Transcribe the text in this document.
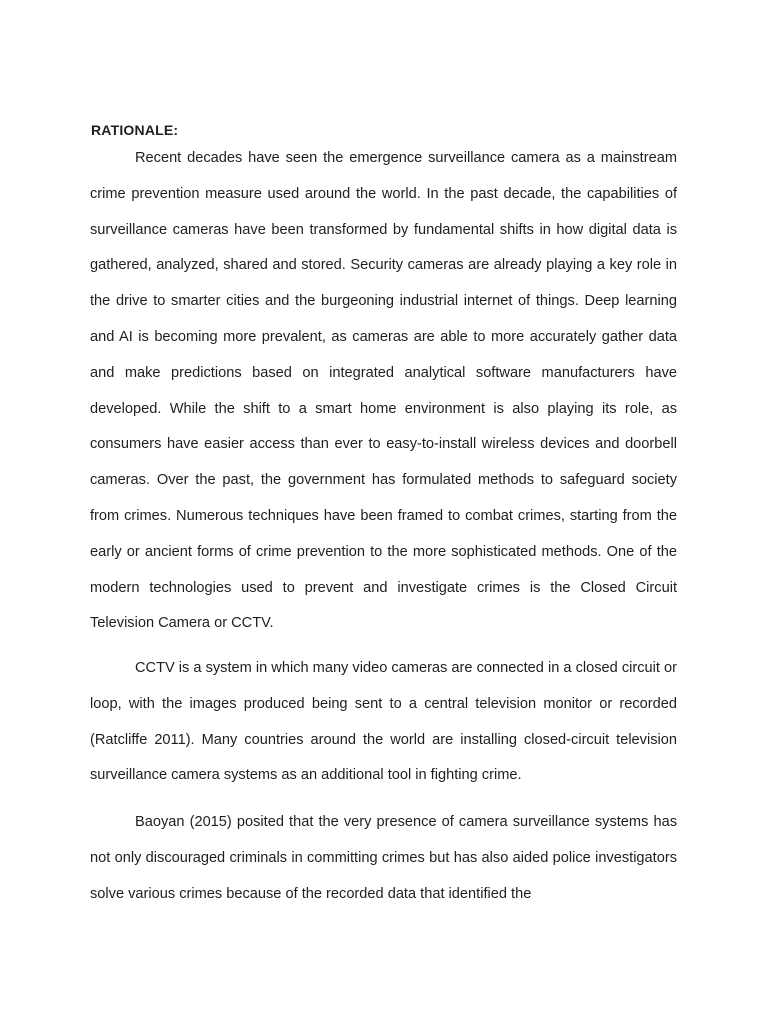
RATIONALE:

Recent decades have seen the emergence surveillance camera as a mainstream crime prevention measure used around the world. In the past decade, the capabilities of surveillance cameras have been transformed by fundamental shifts in how digital data is gathered, analyzed, shared and stored. Security cameras are already playing a key role in the drive to smarter cities and the burgeoning industrial internet of things. Deep learning and AI is becoming more prevalent, as cameras are able to more accurately gather data and make predictions based on integrated analytical software manufacturers have developed. While the shift to a smart home environment is also playing its role, as consumers have easier access than ever to easy-to-install wireless devices and doorbell cameras. Over the past, the government has formulated methods to safeguard society from crimes. Numerous techniques have been framed to combat crimes, starting from the early or ancient forms of crime prevention to the more sophisticated methods. One of the modern technologies used to prevent and investigate crimes is the Closed Circuit Television Camera or CCTV.

CCTV is a system in which many video cameras are connected in a closed circuit or loop, with the images produced being sent to a central television monitor or recorded (Ratcliffe 2011). Many countries around the world are installing closed-circuit television surveillance camera systems as an additional tool in fighting crime.

Baoyan (2015) posited that the very presence of camera surveillance systems has not only discouraged criminals in committing crimes but has also aided police investigators solve various crimes because of the recorded data that identified the
